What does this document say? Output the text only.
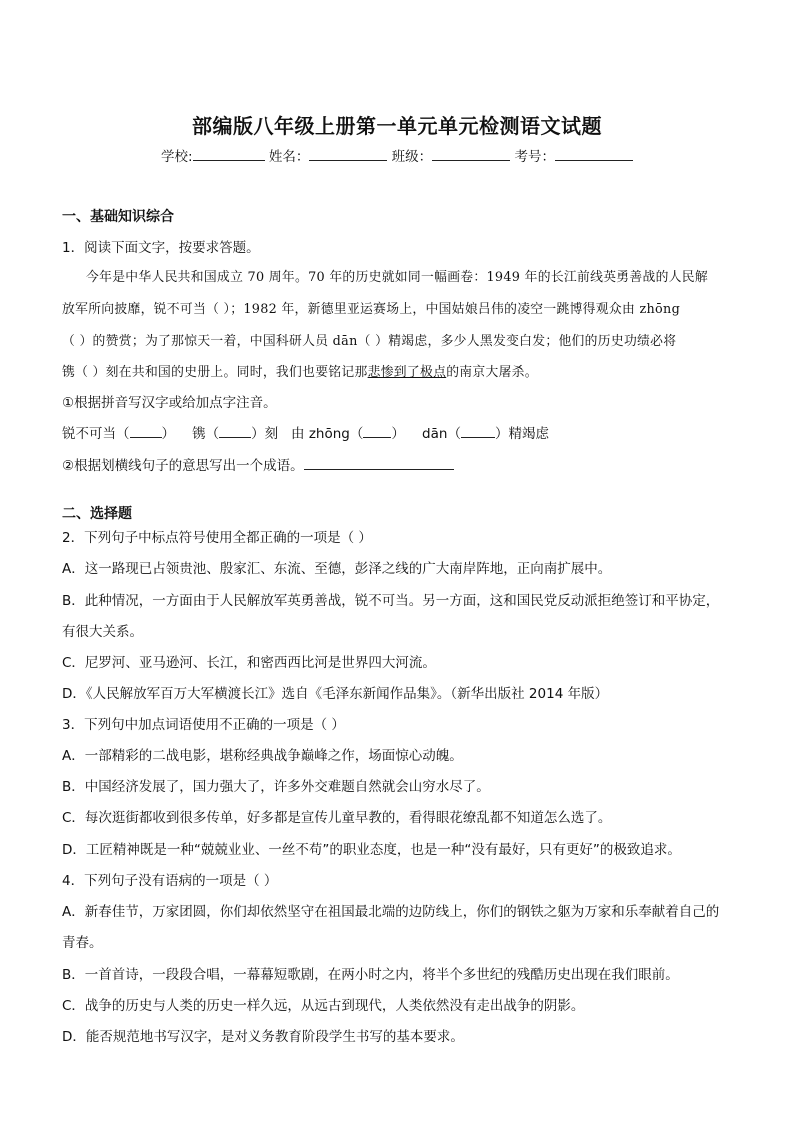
部编版八年级上册第一单元单元检测语文试题
学校:	姓名：	班级：	考号：
一、基础知识综合
1．阅读下面文字，按要求答题。
今年是中华人民共和国成立 70 周年。70 年的历史就如同一幅画卷：1949 年的长江前线英勇善战的人民解
放军所向披靡，锐不可当（ ）；1982 年，新德里亚运赛场上，中国姑娘吕伟的凌空一跳博得观众由 zhōng
（ ）的赞赏；为了那惊天一着，中国科研人员 dān（ ）精竭虑，多少人黑发变白发；他们的历史功绩必将
镌（ ）刻在共和国的史册上。同时，我们也要铭记那悲惨到了极点的南京大屠杀。
①根据拼音写汉字或给加点字注音。
锐不可当（ ） 镌（ ）刻 由 zhōng（ ） dān（	）精竭虑
②根据划横线句子的意思写出一个成语。
二、选择题
2．下列句子中标点符号使用全都正确的一项是（ ）
A．这一路现已占领贵池、殷家汇、东流、至德，彭泽之线的广大南岸阵地，正向南扩展中。
B．此种情况，一方面由于人民解放军英勇善战，锐不可当。另一方面，这和国民党反动派拒绝签订和平协定，
有很大关系。
C．尼罗河、亚马逊河、长江，和密西西比河是世界四大河流。
D．《人民解放军百万大军横渡长江》选自《毛泽东新闻作品集》。（新华出版社 2014 年版）
3．下列句中加点词语使用不正确的一项是（ ）
A．一部精彩的二战电影，堪称经典战争巅峰之作，场面惊心动魄。
B．中国经济发展了，国力强大了，许多外交难题自然就会山穷水尽了。
C．每次逛街都收到很多传单，好多都是宣传儿童早教的，看得眼花缭乱都不知道怎么选了。
D．工匠精神既是一种“兢兢业业、一丝不苟”的职业态度，也是一种“没有最好，只有更好”的极致追求。
4．下列句子没有语病的一项是（ ）
A．新春佳节，万家团圆，你们却依然坚守在祖国最北端的边防线上，你们的钢铁之躯为万家和乐奉献着自己的
青春。
B．一首首诗，一段段合唱，一幕幕短歌剧，在两小时之内，将半个多世纪的残酷历史出现在我们眼前。
C．战争的历史与人类的历史一样久远，从远古到现代，人类依然没有走出战争的阴影。
D．能否规范地书写汉字，是对义务教育阶段学生书写的基本要求。
